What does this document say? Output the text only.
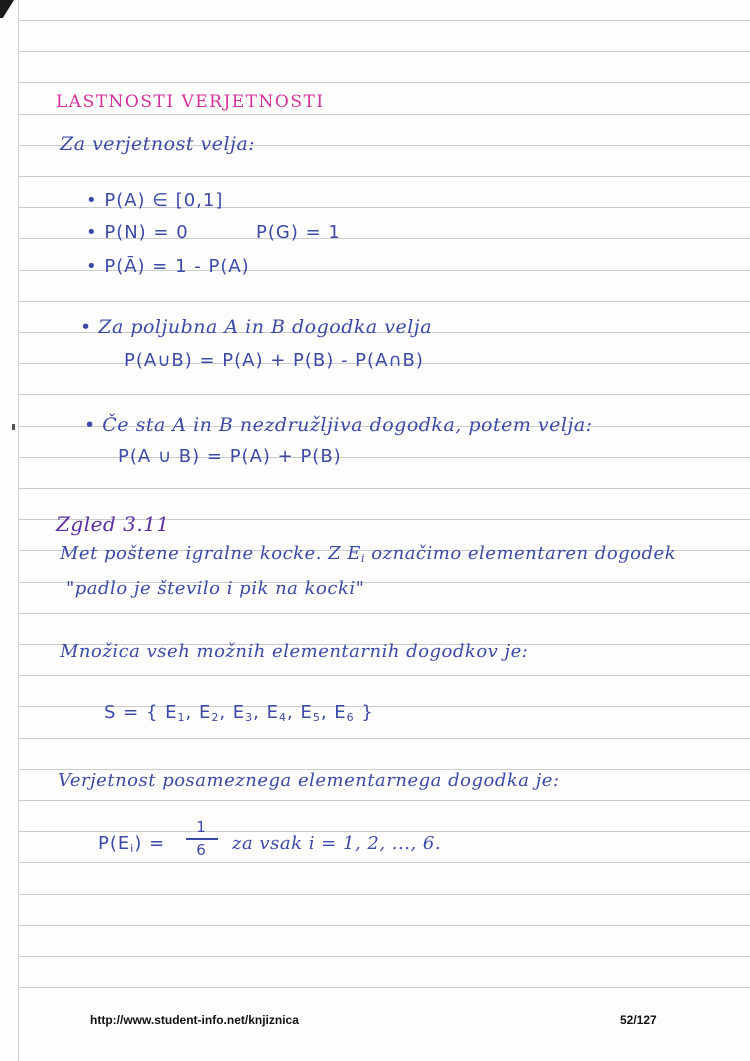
LASTNOSTI VERJETNOSTI
Za verjetnost velja:
• P(A) ∈ [0,1]
• P(N) = 0	P(G) = 1
• P(Ā) = 1 - P(A)
• Za poljubna A in B dogodka velja
P(A∪B) = P(A) + P(B) - P(A∩B)
• Če sta A in B nezdružljiva dogodka, potem velja:
P(A ∪ B) = P(A) + P(B)
Zgled 3.11
Met poštene igralne kocke. Z $E_i$ označimo elementaren dogodek
"padlo je število i pik na kocki"
Množica vseh možnih elementarnih dogodkov je:
S = { $E_1$, $E_2$, $E_3$, $E_4$, $E_5$, $E_6$ }
Verjetnost posameznega elementarnega dogodka je:
$P(E_i)$ =
1
6	za vsak i = 1, 2, ..., 6.
http://www.student-info.net/knjiznica	52/127
